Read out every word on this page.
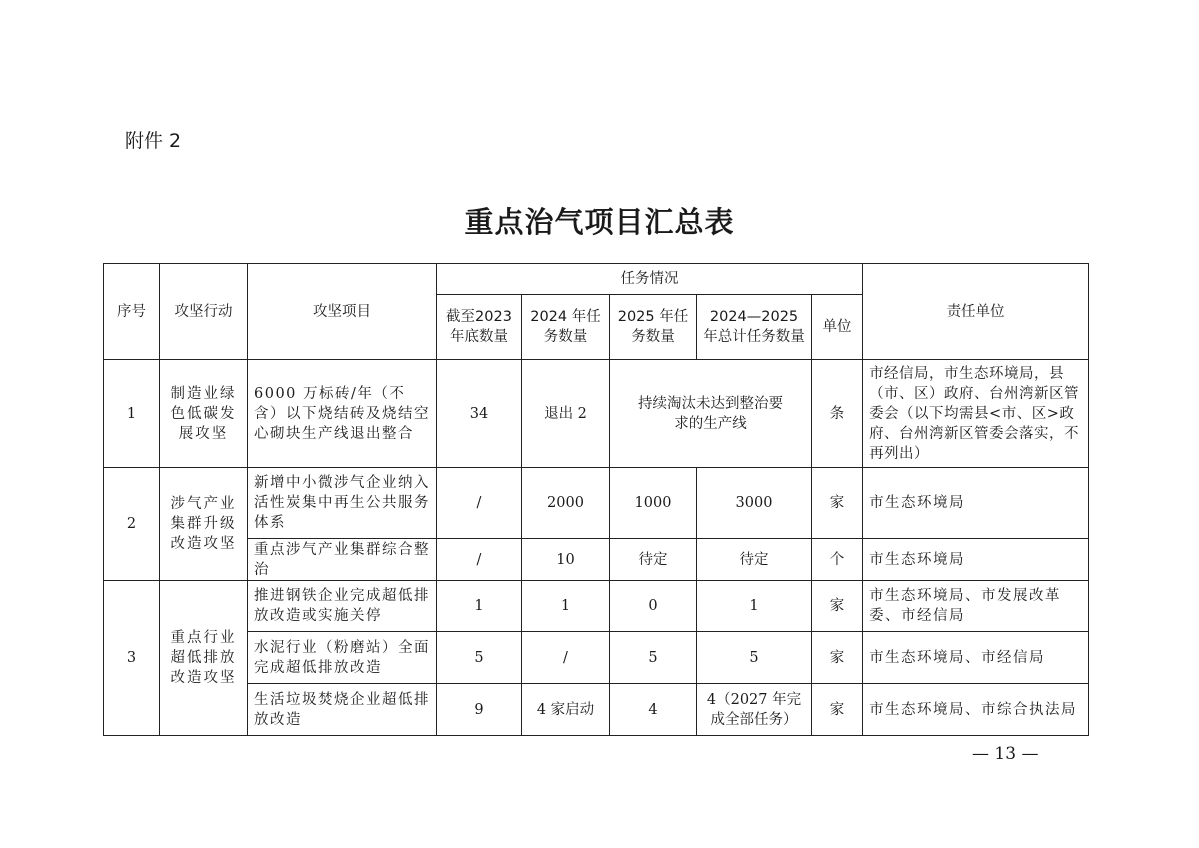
附件 2
重点治气项目汇总表
序号	攻坚行动	攻坚项目	任务情况					责任单位
			截至2023年底数量	2024 年任务数量	2025 年任务数量	2024—2025年总计任务数量	单位	
1	制造业绿色低碳发展攻坚	6000 万标砖/年（不含）以下烧结砖及烧结空心砌块生产线退出整合	34	退出 2	持续淘汰未达到整治要求的生产线		条	市经信局，市生态环境局，县（市、区）政府、台州湾新区管委会（以下均需县<市、区>政府、台州湾新区管委会落实，不再列出）
2	涉气产业集群升级改造攻坚	新增中小微涉气企业纳入活性炭集中再生公共服务体系	/	2000	1000	3000	家	市生态环境局
		重点涉气产业集群综合整治	/	10	待定	待定	个	市生态环境局
3	重点行业超低排放改造攻坚	推进钢铁企业完成超低排放改造或实施关停	1	1	0	1	家	市生态环境局、市发展改革委、市经信局
		水泥行业（粉磨站）全面完成超低排放改造	5	/	5	5	家	市生态环境局、市经信局
		生活垃圾焚烧企业超低排放改造	9	4 家启动	4	4（2027 年完成全部任务）	家	市生态环境局、市综合执法局
— 13 —
